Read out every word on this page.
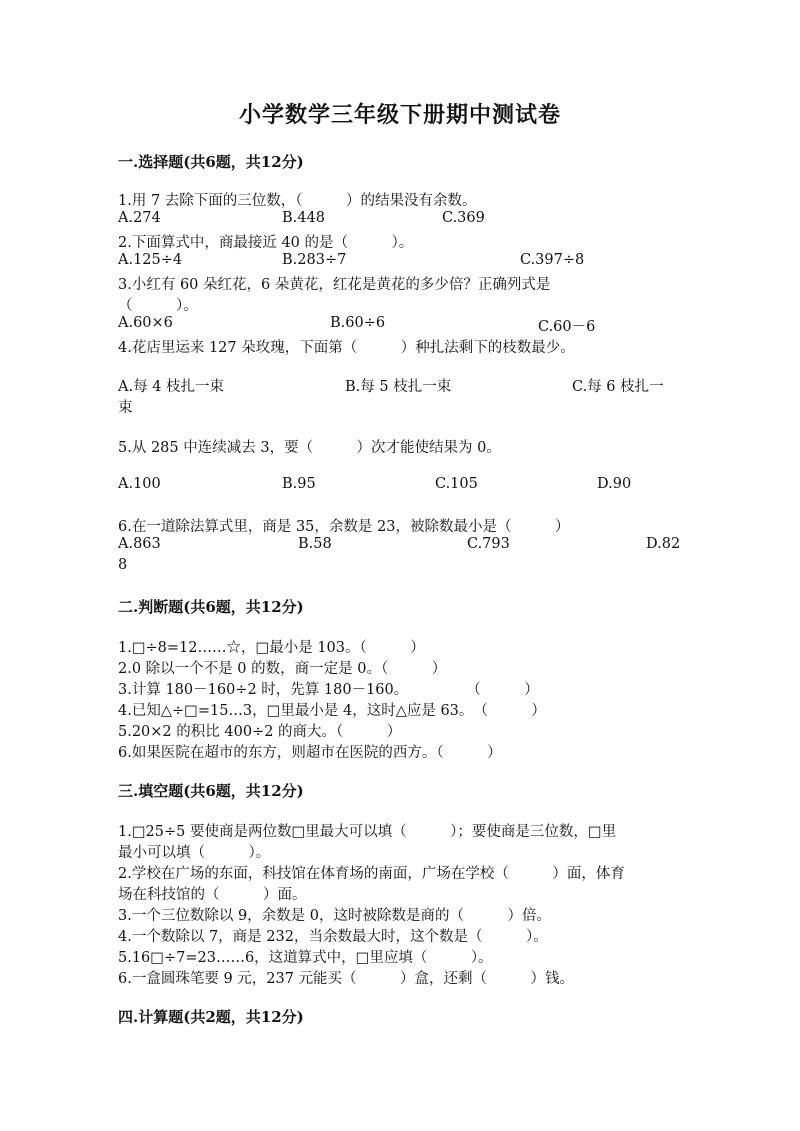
小学数学三年级下册期中测试卷
一.选择题(共6题，共12分)
1.用 7 去除下面的三位数，（　　　）的结果没有余数。
A.274	B.448	C.369
2.下面算式中，商最接近 40 的是（　　　）。
A.125÷4	B.283÷7	C.397÷8
3.小红有 60 朵红花，6 朵黄花，红花是黄花的多少倍？正确列式是
（　　　）。
A.60×6	B.60÷6	C.60－6
4.花店里运来 127 朵玫瑰，下面第（　　　）种扎法剩下的枝数最少。
A.每 4 枝扎一束	B.每 5 枝扎一束	C.每 6 枝扎一
束
5.从 285 中连续减去 3，要（　　　）次才能使结果为 0。
A.100	B.95	C.105	D.90
6.在一道除法算式里，商是 35，余数是 23，被除数最小是（　　　）
A.863	B.58	C.793	D.82
8
二.判断题(共6题，共12分)
1.□÷8=12……☆，□最小是 103。（　　　）
2.0 除以一个不是 0 的数，商一定是 0。（　　　）
3.计算 180－160÷2 时，先算 180－160。　　　　　（　　　）
4.已知△÷□=15…3，□里最小是 4，这时△应是 63。　（　　　）
5.20×2 的积比 400÷2 的商大。（　　　）
6.如果医院在超市的东方，则超市在医院的西方。（　　　）
三.填空题(共6题，共12分)
1.□25÷5 要使商是两位数□里最大可以填（　　　）；要使商是三位数，□里
最小可以填（　　　）。
2.学校在广场的东面，科技馆在体育场的南面，广场在学校（　　　）面，体育
场在科技馆的（　　　）面。
3.一个三位数除以 9，余数是 0，这时被除数是商的（　　　）倍。
4.一个数除以 7，商是 232，当余数最大时，这个数是（　　　）。
5.16□÷7=23……6，这道算式中，□里应填（　　　）。
6.一盒圆珠笔要 9 元，237 元能买（　　　）盒，还剩（　　　）钱。
四.计算题(共2题，共12分)
